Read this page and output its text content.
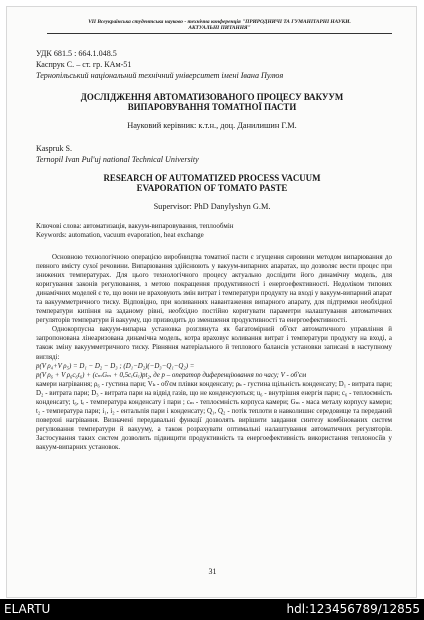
VII Всеукраїнська студентська науково - технічна конференція "ПРИРОДНИЧІ ТА ГУМАНІТАРНІ НАУКИ.
АКТУАЛЬНІ ПИТАННЯ"
УДК 681.5 : 664.1.048.5
Каспрук С. – ст. гр. КАм-51
Тернопільський національний технічний університет імені Івана Пулюя
ДОСЛІДЖЕННЯ АВТОМАТИЗОВАНОГО ПРОЦЕСУ ВАКУУМ
ВИПАРОВУВАННЯ ТОМАТНОЇ ПАСТИ
Науковий керівник: к.т.н., доц. Данилишин Г.М.
Kaspruk S.
Ternopil Ivan Pul'uj national Technical University
RESEARCH OF AUTOMATIZED PROCESS VACUUM
EVAPORATION OF TOMATO PASTE
Supervisor: PhD Danylyshyn G.M.
Ключові слова: автоматизація, вакуум-випаровування, теплообмін
Keywords: automation, vacuum evaporation, heat exchange

Основною технологічною операцією виробництва томатної пасти є згущення сировини методом випарювання до певного вмісту сухої речовини. Випарювання здійснюють у вакуум-випарних апаратах, що дозволяє вести процес при знижених температурах. Для цього технологічного процесу актуально дослідити його динамічну модель, для коригування законів регулювання, з метою покращення продуктивності і енергоефективності. Недоліком типових динамічних моделей є те, що вони не враховують змін витрат і температури продукту на вході у вакуум-випарний апарат та вакуумметричного тиску. Відповідно, при коливаннях навантаження випарного апарату, для підтримки необхідної температури кипіння на заданому рівні, необхідно постійно коригувати параметри налаштування автоматичних регуляторів температури й вакууму, що призводить до зменшення продуктивності та енергоефективності.

Однокорпусна вакуум-випарна установка розглянута як багатомірний об'єкт автоматичного управління й запропонована лінеаризована динамічна модель, котра враховує коливання витрат і температури продукту на вході, а також зміну вакуумметричного тиску. Рівняння матеріального й теплового балансів установки записані в наступному вигляді:

p(V ρ₄+V ρ₅) = D₁ − D₂ − D₃ ; (D₁−D₂)(−D₃−Q₁−Q₂) =
p(V ρ₆ + V ρ₆c₆t₆) + (cₘGₘ + 0,5cₑGₑ)pt₂, де p – оператор диференціювання по часу; V - об'єм
камери нагрівання; ρ₆ - густина пари; Vₖ - об'єм плівки конденсату; ρₖ - густина щільність конденсату; D₁ - витрата пари; D₂ - витрата пари; D₃ - витрата пари на відвід газів, що не конденсуються; u₆ - внутрішня енергія пари; c₆ - теплоємність конденсату; t₆, tₑ - температура конденсату і пари ; cₘ - теплоємність корпуса камери; Gₘ - маса металу корпусу камери; t₂ - температура пари; i₁, i₂ - ентальпія пари і конденсату; Q₁, Q₂ - потік теплоти в навколишнє середовище та переданий поверхні нагрівання. Визначені передавальні функції дозволять вирішити завдання синтезу комбінованих систем регулювання температури й вакууму, а також розрахувати оптимальні налаштування автоматичних регуляторів. Застосування таких систем дозволить підвищити продуктивність та енергоефективність використання теплоносіїв у вакуум-випарних установок.
31
ELARTU	hdl:123456789/12855
